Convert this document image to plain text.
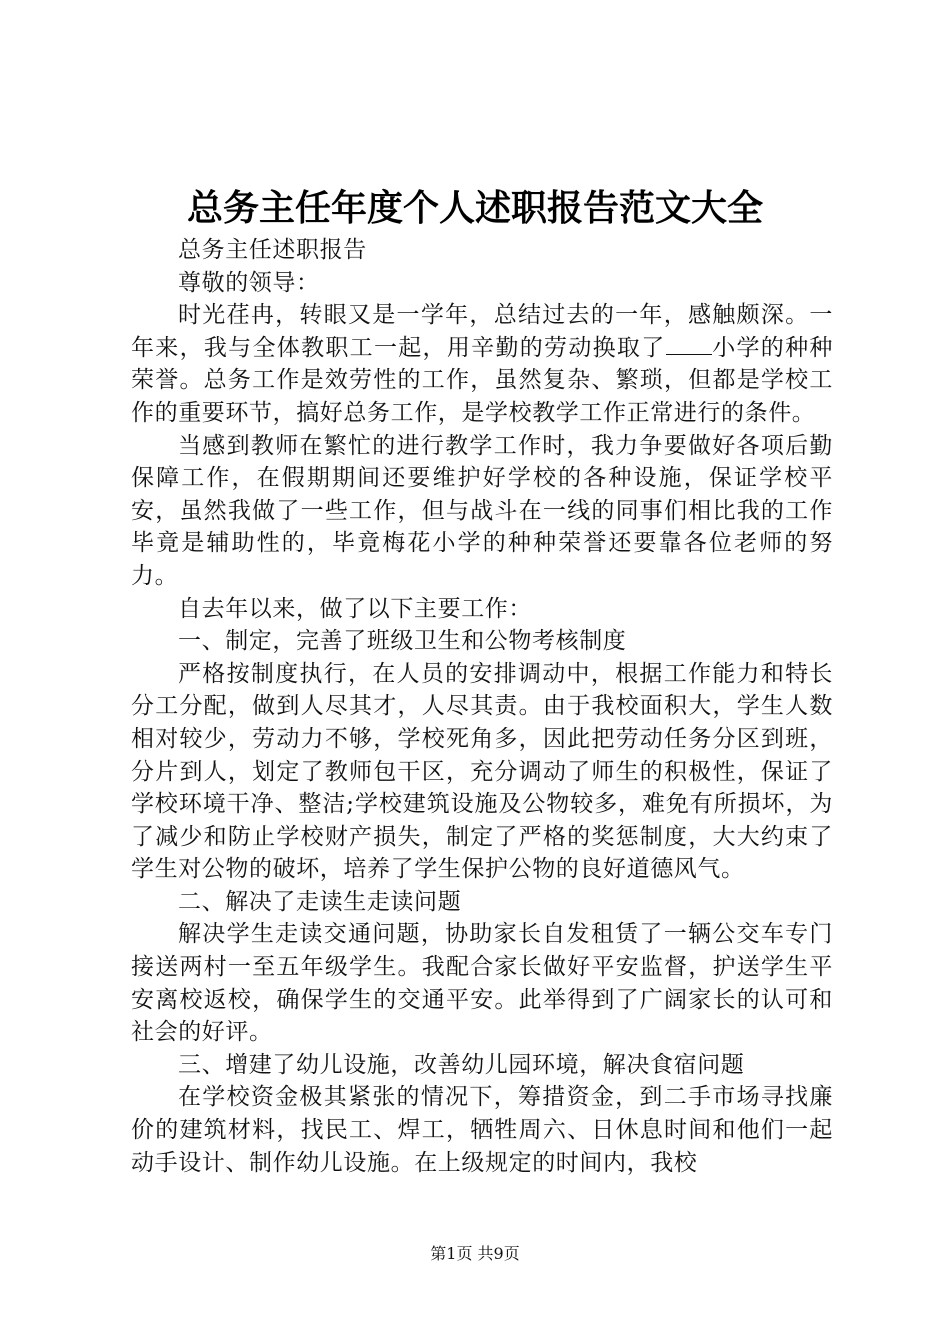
总务主任年度个人述职报告范文大全

总务主任述职报告

尊敬的领导：

时光荏冉，转眼又是一学年，总结过去的一年，感触颇深。一年来，我与全体教职工一起，用辛勤的劳动换取了 小学的种种荣誉。总务工作是效劳性的工作，虽然复杂、繁琐，但都是学校工作的重要环节，搞好总务工作，是学校教学工作正常进行的条件。

当感到教师在繁忙的进行教学工作时，我力争要做好各项后勤保障工作，在假期期间还要维护好学校的各种设施，保证学校平安，虽然我做了一些工作，但与战斗在一线的同事们相比我的工作毕竟是辅助性的，毕竟梅花小学的种种荣誉还要靠各位老师的努力。

自去年以来，做了以下主要工作：

一、制定，完善了班级卫生和公物考核制度

严格按制度执行，在人员的安排调动中，根据工作能力和特长分工分配，做到人尽其才，人尽其责。由于我校面积大，学生人数相对较少，劳动力不够，学校死角多，因此把劳动任务分区到班，分片到人，划定了教师包干区，充分调动了师生的积极性，保证了学校环境干净、整洁;学校建筑设施及公物较多，难免有所损坏，为了减少和防止学校财产损失，制定了严格的奖惩制度，大大约束了学生对公物的破坏，培养了学生保护公物的良好道德风气。

二、解决了走读生走读问题

解决学生走读交通问题，协助家长自发租赁了一辆公交车专门接送两村一至五年级学生。我配合家长做好平安监督，护送学生平安离校返校，确保学生的交通平安。此举得到了广阔家长的认可和社会的好评。

三、增建了幼儿设施，改善幼儿园环境，解决食宿问题

在学校资金极其紧张的情况下，筹措资金，到二手市场寻找廉价的建筑材料，找民工、焊工，牺牲周六、日休息时间和他们一起动手设计、制作幼儿设施。在上级规定的时间内，我校

第1页 共9页
